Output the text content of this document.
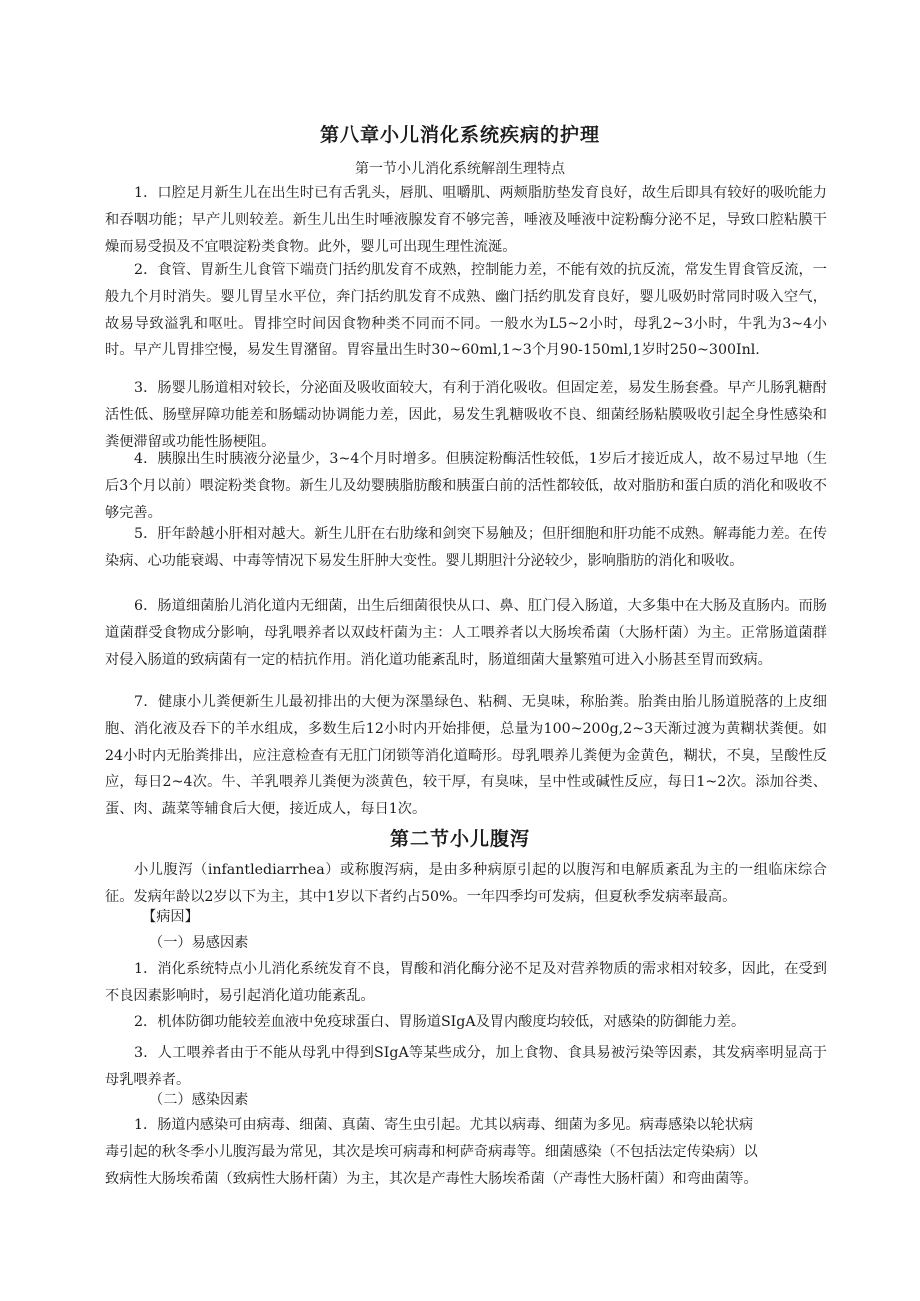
第八章小儿消化系统疾病的护理
第一节小儿消化系统解剖生理特点
1．口腔足月新生儿在出生时已有舌乳头，唇肌、咀嚼肌、两颊脂肪垫发育良好，故生后即具有较好的吸吮能力和吞咽功能；早产儿则较差。新生儿出生时唾液腺发育不够完善，唾液及唾液中淀粉酶分泌不足，导致口腔粘膜干燥而易受损及不宜喂淀粉类食物。此外，婴儿可出现生理性流涎。
2．食管、胃新生儿食管下端贲门括约肌发育不成熟，控制能力差，不能有效的抗反流，常发生胃食管反流，一般九个月时消失。婴儿胃呈水平位，奔门括约肌发育不成熟、幽门括约肌发育良好，婴儿吸奶时常同时吸入空气，故易导致溢乳和呕吐。胃排空时间因食物种类不同而不同。一般水为L5~2小时，母乳2~3小时，牛乳为3~4小时。早产儿胃排空慢，易发生胃潴留。胃容量出生时30~60ml,1~3个月90-150ml,1岁时250~300Inl.
3．肠婴儿肠道相对较长，分泌面及吸收面较大，有利于消化吸收。但固定差，易发生肠套叠。早产儿肠乳糖酎活性低、肠壁屏障功能差和肠蠕动协调能力差，因此，易发生乳糖吸收不良、细菌经肠粘膜吸收引起全身性感染和粪便滞留或功能性肠梗阻。
4．胰腺出生时胰液分泌量少，3~4个月时增多。但胰淀粉酶活性较低，1岁后才接近成人，故不易过早地（生后3个月以前）喂淀粉类食物。新生儿及幼婴胰脂肪酸和胰蛋白前的活性都较低，故对脂肪和蛋白质的消化和吸收不够完善。
5．肝年龄越小肝相对越大。新生儿肝在右肋缘和剑突下易触及；但肝细胞和肝功能不成熟。解毒能力差。在传染病、心功能衰竭、中毒等情况下易发生肝肿大变性。婴儿期胆汁分泌较少，影响脂肪的消化和吸收。
6．肠道细菌胎儿消化道内无细菌，出生后细菌很快从口、鼻、肛门侵入肠道，大多集中在大肠及直肠内。而肠道菌群受食物成分影响，母乳喂养者以双歧杆菌为主：人工喂养者以大肠埃希菌（大肠杆菌）为主。正常肠道菌群对侵入肠道的致病菌有一定的桔抗作用。消化道功能紊乱时，肠道细菌大量繁殖可进入小肠甚至胃而致病。
7．健康小儿粪便新生儿最初排出的大便为深墨绿色、粘稠、无臭味，称胎粪。胎粪由胎儿肠道脱落的上皮细胞、消化液及吞下的羊水组成，多数生后12小时内开始排便，总量为100~200g,2~3天渐过渡为黄糊状粪便。如24小时内无胎粪排出，应注意检查有无肛门闭锁等消化道畸形。母乳喂养儿粪便为金黄色，糊状，不臭，呈酸性反应，每日2~4次。牛、羊乳喂养儿粪便为淡黄色，较干厚，有臭味，呈中性或碱性反应，每日1~2次。添加谷类、蛋、肉、蔬菜等辅食后大便，接近成人，每日1次。
第二节小儿腹泻
小儿腹泻（infantlediarrhea）或称腹泻病，是由多种病原引起的以腹泻和电解质紊乱为主的一组临床综合征。发病年龄以2岁以下为主，其中1岁以下者约占50%。一年四季均可发病，但夏秋季发病率最高。
【病因】
（一）易感因素
1．消化系统特点小儿消化系统发育不良，胃酸和消化酶分泌不足及对营养物质的需求相对较多，因此，在受到不良因素影响时，易引起消化道功能紊乱。
2．机体防御功能较差血液中免疫球蛋白、胃肠道SIgA及胃内酸度均较低，对感染的防御能力差。
3．人工喂养者由于不能从母乳中得到SIgA等某些成分，加上食物、食具易被污染等因素，其发病率明显高于母乳喂养者。
（二）感染因素
1．肠道内感染可由病毒、细菌、真菌、寄生虫引起。尤其以病毒、细菌为多见。病毒感染以轮状病
毒引起的秋冬季小儿腹泻最为常见，其次是埃可病毒和柯萨奇病毒等。细菌感染（不包括法定传染病）以
致病性大肠埃希菌（致病性大肠杆菌）为主，其次是产毒性大肠埃希菌（产毒性大肠杆菌）和弯曲菌等。
